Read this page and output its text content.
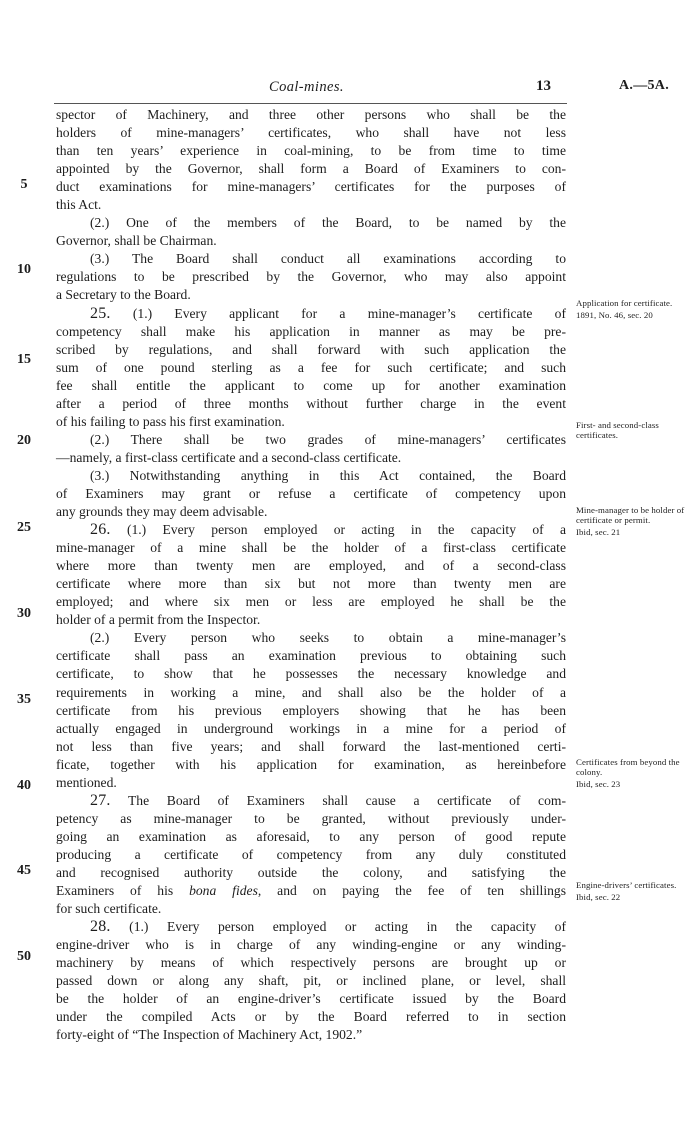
Coal-mines.	13	A.—5A.
spector of Machinery, and three other persons who shall be the
holders of mine-managers’ certificates, who shall have not less
than ten years’ experience in coal-mining, to be from time to time
appointed by the Governor, shall form a Board of Examiners to con-
duct examinations for mine-managers’ certificates for the purposes of
this Act.
(2.) One of the members of the Board, to be named by the
Governor, shall be Chairman.
(3.) The Board shall conduct all examinations according to
regulations to be prescribed by the Governor, who may also appoint
a Secretary to the Board.
25. (1.) Every applicant for a mine-manager’s certificate of
competency shall make his application in manner as may be pre-
scribed by regulations, and shall forward with such application the
sum of one pound sterling as a fee for such certificate; and such
fee shall entitle the applicant to come up for another examination
after a period of three months without further charge in the event
of his failing to pass his first examination.
(2.) There shall be two grades of mine-managers’ certificates
—namely, a first-class certificate and a second-class certificate.
(3.) Notwithstanding anything in this Act contained, the Board
of Examiners may grant or refuse a certificate of competency upon
any grounds they may deem advisable.
26. (1.) Every person employed or acting in the capacity of a
mine-manager of a mine shall be the holder of a first-class certificate
where more than twenty men are employed, and of a second-class
certificate where more than six but not more than twenty men are
employed; and where six men or less are employed he shall be the
holder of a permit from the Inspector.
(2.) Every person who seeks to obtain a mine-manager’s
certificate shall pass an examination previous to obtaining such
certificate, to show that he possesses the necessary knowledge and
requirements in working a mine, and shall also be the holder of a
certificate from his previous employers showing that he has been
actually engaged in underground workings in a mine for a period of
not less than five years; and shall forward the last-mentioned certi-
ficate, together with his application for examination, as hereinbefore
mentioned.
27. The Board of Examiners shall cause a certificate of com-
petency as mine-manager to be granted, without previously under-
going an examination as aforesaid, to any person of good repute
producing a certificate of competency from any duly constituted
and recognised authority outside the colony, and satisfying the
Examiners of his bona fides, and on paying the fee of ten shillings
for such certificate.
28. (1.) Every person employed or acting in the capacity of
engine-driver who is in charge of any winding-engine or any winding-
machinery by means of which respectively persons are brought up or
passed down or along any shaft, pit, or inclined plane, or level, shall
be the holder of an engine-driver’s certificate issued by the Board
under the compiled Acts or by the Board referred to in section
forty-eight of “The Inspection of Machinery Act, 1902.”
5
10
15
20
25
30
35
40
45
50
Application for certificate.
1891, No. 46, sec. 20
First- and second-class certificates.
Mine-manager to be holder of certificate or permit.
Ibid, sec. 21
Certificates from beyond the colony.
Ibid, sec. 23
Engine-drivers’ certificates.
Ibid, sec. 22
